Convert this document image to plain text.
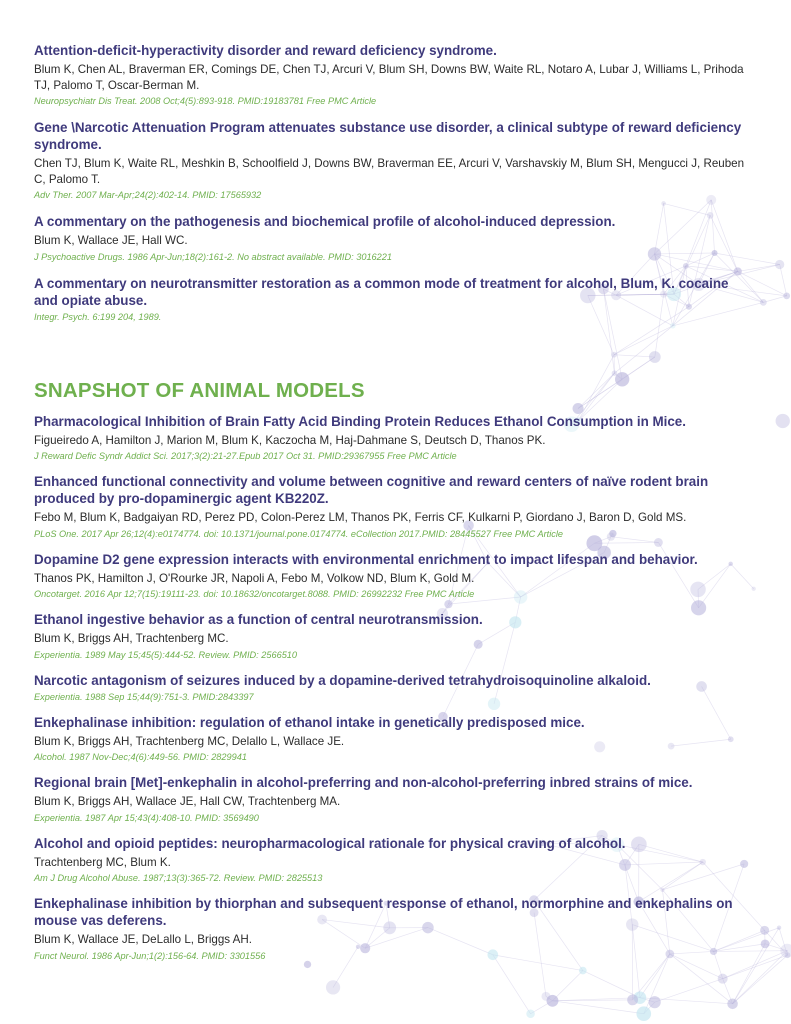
Attention-deficit-hyperactivity disorder and reward deficiency syndrome.
Blum K, Chen AL, Braverman ER, Comings DE, Chen TJ, Arcuri V, Blum SH, Downs BW, Waite RL, Notaro A, Lubar J, Williams L, Prihoda TJ, Palomo T, Oscar-Berman M.
Neuropsychiatr Dis Treat. 2008 Oct;4(5):893-918. PMID:19183781 Free PMC Article
Gene \Narcotic Attenuation Program attenuates substance use disorder, a clinical subtype of reward deficiency syndrome.
Chen TJ, Blum K, Waite RL, Meshkin B, Schoolfield J, Downs BW, Braverman EE, Arcuri V, Varshavskiy M, Blum SH, Mengucci J, Reuben C, Palomo T.
Adv Ther. 2007 Mar-Apr;24(2):402-14. PMID: 17565932
A commentary on the pathogenesis and biochemical profile of alcohol-induced depression.
Blum K, Wallace JE, Hall WC.
J Psychoactive Drugs. 1986 Apr-Jun;18(2):161-2. No abstract available. PMID: 3016221
A commentary on neurotransmitter restoration as a common mode of treatment for alcohol, Blum, K. cocaine and opiate abuse.
Integr. Psych. 6:199 204, 1989.
SNAPSHOT OF ANIMAL MODELS
Pharmacological Inhibition of Brain Fatty Acid Binding Protein Reduces Ethanol Consumption in Mice.
Figueiredo A, Hamilton J, Marion M, Blum K, Kaczocha M, Haj-Dahmane S, Deutsch D, Thanos PK.
J Reward Defic Syndr Addict Sci. 2017;3(2):21-27.Epub 2017 Oct 31. PMID:29367955 Free PMC Article
Enhanced functional connectivity and volume between cognitive and reward centers of naïve rodent brain produced by pro-dopaminergic agent KB220Z.
Febo M, Blum K, Badgaiyan RD, Perez PD, Colon-Perez LM, Thanos PK, Ferris CF, Kulkarni P, Giordano J, Baron D, Gold MS.
PLoS One. 2017 Apr 26;12(4):e0174774. doi: 10.1371/journal.pone.0174774. eCollection 2017.PMID: 28445527 Free PMC Article
Dopamine D2 gene expression interacts with environmental enrichment to impact lifespan and behavior.
Thanos PK, Hamilton J, O'Rourke JR, Napoli A, Febo M, Volkow ND, Blum K, Gold M.
Oncotarget. 2016 Apr 12;7(15):19111-23. doi: 10.18632/oncotarget.8088. PMID: 26992232 Free PMC Article
Ethanol ingestive behavior as a function of central neurotransmission.
Blum K, Briggs AH, Trachtenberg MC.
Experientia. 1989 May 15;45(5):444-52. Review. PMID: 2566510
Narcotic antagonism of seizures induced by a dopamine-derived tetrahydroisoquinoline alkaloid.
Experientia. 1988 Sep 15;44(9):751-3. PMID:2843397
Enkephalinase inhibition: regulation of ethanol intake in genetically predisposed mice.
Blum K, Briggs AH, Trachtenberg MC, Delallo L, Wallace JE.
Alcohol. 1987 Nov-Dec;4(6):449-56. PMID: 2829941
Regional brain [Met]-enkephalin in alcohol-preferring and non-alcohol-preferring inbred strains of mice.
Blum K, Briggs AH, Wallace JE, Hall CW, Trachtenberg MA.
Experientia. 1987 Apr 15;43(4):408-10. PMID: 3569490
Alcohol and opioid peptides: neuropharmacological rationale for physical craving of alcohol.
Trachtenberg MC, Blum K.
Am J Drug Alcohol Abuse. 1987;13(3):365-72. Review. PMID: 2825513
Enkephalinase inhibition by thiorphan and subsequent response of ethanol, normorphine and enkephalins on mouse vas deferens.
Blum K, Wallace JE, DeLallo L, Briggs AH.
Funct Neurol. 1986 Apr-Jun;1(2):156-64. PMID: 3301556
